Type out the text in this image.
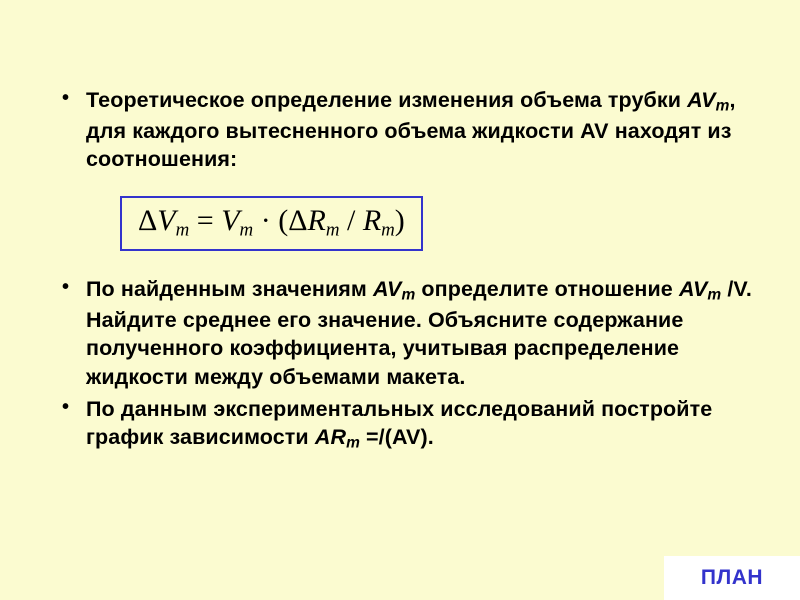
• Теоретическое определение изменения объема трубки $AV_т$, для каждого вытесненного объема жидкости AV находят из соотношения:
ΔVm = Vm · (ΔRm / Rm)
• По найденным значениям $AV_m$ определите отношение $AV_m$ /V. Найдите среднее его значение. Объясните содержание полученного коэффициента, учитывая распределение жидкости между объемами макета.
• По данным экспериментальных исследований постройте график зависимости $AR_m =/(AV)$.
ПЛАН
